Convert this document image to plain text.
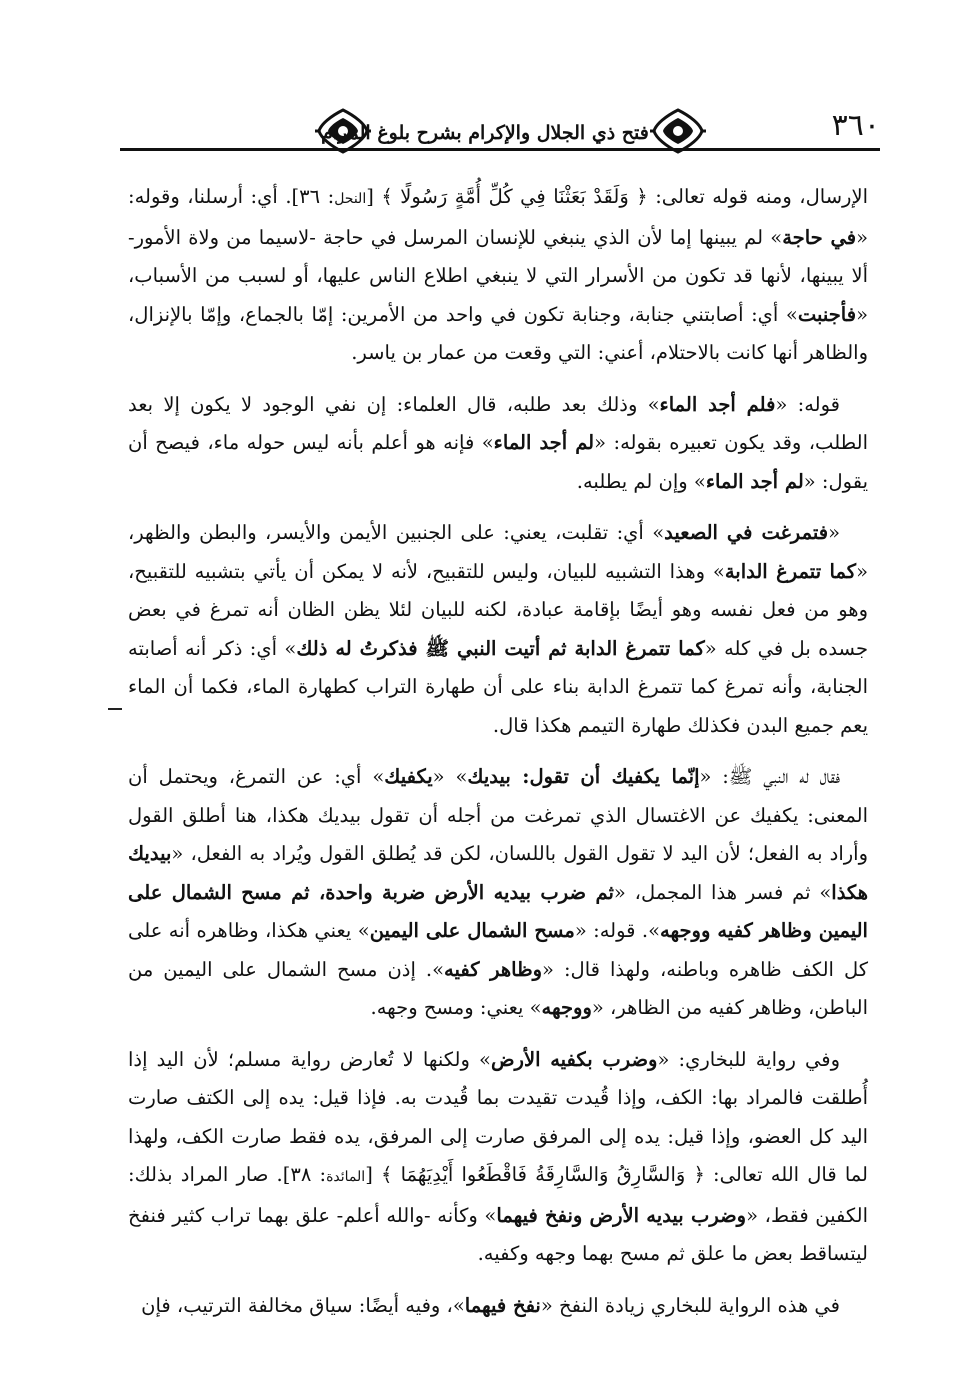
فتح ذي الجلال والإكرام بشرح بلوغ المرام	٣٦٠

الإرسال، ومنه قوله تعالى: ﴿ وَلَقَدْ بَعَثْنَا فِي كُلِّ أُمَّةٍ رَسُولًا ﴾ [النحل: ٣٦]. أي: أرسلنا، وقوله: «في حاجة» لم يبينها إما لأن الذي ينبغي للإنسان المرسل في حاجة -لاسيما من ولاة الأمور- ألا يبينها، لأنها قد تكون من الأسرار التي لا ينبغي اطلاع الناس عليها، أو لسبب من الأسباب، «فأجنبت» أي: أصابتني جنابة، وجنابة تكون في واحد من الأمرين: إمّا بالجماع، وإمّا بالإنزال، والظاهر أنها كانت بالاحتلام، أعني: التي وقعت من عمار بن ياسر.

قوله: «فلم أجد الماء» وذلك بعد طلبه، قال العلماء: إن نفي الوجود لا يكون إلا بعد الطلب، وقد يكون تعبيره بقوله: «لم أجد الماء» فإنه هو أعلم بأنه ليس حوله ماء، فيصح أن يقول: «لم أجد الماء» وإن لم يطلبه.

«فتمرغت في الصعيد» أي: تقلبت، يعني: على الجنبين الأيمن والأيسر، والبطن والظهر، «كما تتمرغ الدابة» وهذا التشبيه للبيان، وليس للتقبيح، لأنه لا يمكن أن يأتي بتشبيه للتقبيح، وهو من فعل نفسه وهو أيضًا بإقامة عبادة، لكنه للبيان لئلا يظن الظان أنه تمرغ في بعض جسده بل في كله «كما تتمرغ الدابة ثم أتيت النبي ﷺ فذكرتُ له ذلك» أي: ذكر أنه أصابته الجنابة، وأنه تمرغ كما تتمرغ الدابة بناء على أن طهارة التراب كطهارة الماء، فكما أن الماء يعم جميع البدن فكذلك طهارة التيمم هكذا قال.

فقال له النبي ﷺ: «إنّما يكفيك أن تقول: بيديك» «يكفيك» أي: عن التمرغ، ويحتمل أن المعنى: يكفيك عن الاغتسال الذي تمرغت من أجله أن تقول بيديك هكذا، هنا أطلق القول وأراد به الفعل؛ لأن اليد لا تقول القول باللسان، لكن قد يُطلق القول ويُراد به الفعل، «بيديك هكذا» ثم فسر هذا المجمل، «ثم ضرب بيديه الأرض ضربة واحدة، ثم مسح الشمال على اليمين وظاهر كفيه ووجهه». قوله: «مسح الشمال على اليمين» يعني هكذا، وظاهره أنه على كل الكف ظاهره وباطنه، ولهذا قال: «وظاهر كفيه». إذن مسح الشمال على اليمين من الباطن، وظاهر كفيه من الظاهر، «ووجهه» يعني: ومسح وجهه.

وفي رواية للبخاري: «وضرب بكفيه الأرض» ولكنها لا تُعارض رواية مسلم؛ لأن اليد إذا أُطلقت فالمراد بها: الكف، وإذا قُيدت تقيدت بما قُيدت به. فإذا قيل: يده إلى الكتف صارت اليد كل العضو، وإذا قيل: يده إلى المرفق صارت إلى المرفق، يده فقط صارت الكف، ولهذا لما قال الله تعالى: ﴿ وَالسَّارِقُ وَالسَّارِقَةُ فَاقْطَعُوا أَيْدِيَهُمَا ﴾ [المائدة: ٣٨]. صار المراد بذلك: الكفين فقط، «وضرب بيديه الأرض ونفخ فيهما» وكأنه -والله أعلم- علق بهما تراب كثير فنفخ ليتساقط بعض ما علق ثم مسح بهما وجهه وكفيه.

في هذه الرواية للبخاري زيادة النفخ «نفخ فيهما»، وفيه أيضًا: سياق مخالفة الترتيب، فإن
